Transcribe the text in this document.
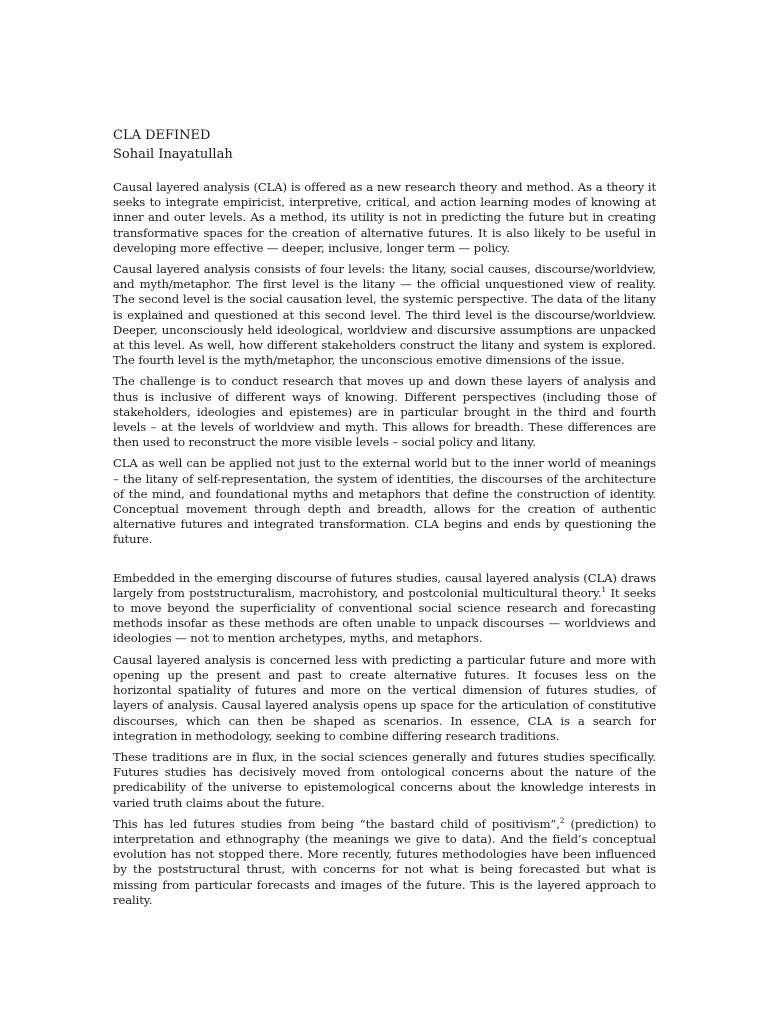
CLA DEFINED

Sohail Inayatullah

Causal layered analysis (CLA) is offered as a new research theory and method. As a theory it seeks to integrate empiricist, interpretive, critical, and action learning modes of knowing at inner and outer levels. As a method, its utility is not in predicting the future but in creating transformative spaces for the creation of alternative futures. It is also likely to be useful in developing more effective — deeper, inclusive, longer term — policy.

Causal layered analysis consists of four levels: the litany, social causes, discourse/worldview, and myth/metaphor. The first level is the litany — the official unquestioned view of reality. The second level is the social causation level, the systemic perspective. The data of the litany is explained and questioned at this second level. The third level is the discourse/worldview. Deeper, unconsciously held ideological, worldview and discursive assumptions are unpacked at this level. As well, how different stakeholders construct the litany and system is explored. The fourth level is the myth/metaphor, the unconscious emotive dimensions of the issue.

The challenge is to conduct research that moves up and down these layers of analysis and thus is inclusive of different ways of knowing. Different perspectives (including those of stakeholders, ideologies and epistemes) are in particular brought in the third and fourth levels – at the levels of worldview and myth. This allows for breadth. These differences are then used to reconstruct the more visible levels – social policy and litany.

CLA as well can be applied not just to the external world but to the inner world of meanings – the litany of self-representation, the system of identities, the discourses of the architecture of the mind, and foundational myths and metaphors that define the construction of identity. Conceptual movement through depth and breadth, allows for the creation of authentic alternative futures and integrated transformation. CLA begins and ends by questioning the future.

Embedded in the emerging discourse of futures studies, causal layered analysis (CLA) draws largely from poststructuralism, macrohistory, and postcolonial multicultural theory.$^1$ It seeks to move beyond the superficiality of conventional social science research and forecasting methods insofar as these methods are often unable to unpack discourses — worldviews and ideologies — not to mention archetypes, myths, and metaphors.

Causal layered analysis is concerned less with predicting a particular future and more with opening up the present and past to create alternative futures. It focuses less on the horizontal spatiality of futures and more on the vertical dimension of futures studies, of layers of analysis. Causal layered analysis opens up space for the articulation of constitutive discourses, which can then be shaped as scenarios. In essence, CLA is a search for integration in methodology, seeking to combine differing research traditions.

These traditions are in flux, in the social sciences generally and futures studies specifically. Futures studies has decisively moved from ontological concerns about the nature of the predicability of the universe to epistemological concerns about the knowledge interests in varied truth claims about the future.

This has led futures studies from being “the bastard child of positivism”,$^2$ (prediction) to interpretation and ethnography (the meanings we give to data). And the field’s conceptual evolution has not stopped there. More recently, futures methodologies have been influenced by the poststructural thrust, with concerns for not what is being forecasted but what is missing from particular forecasts and images of the future. This is the layered approach to reality.
